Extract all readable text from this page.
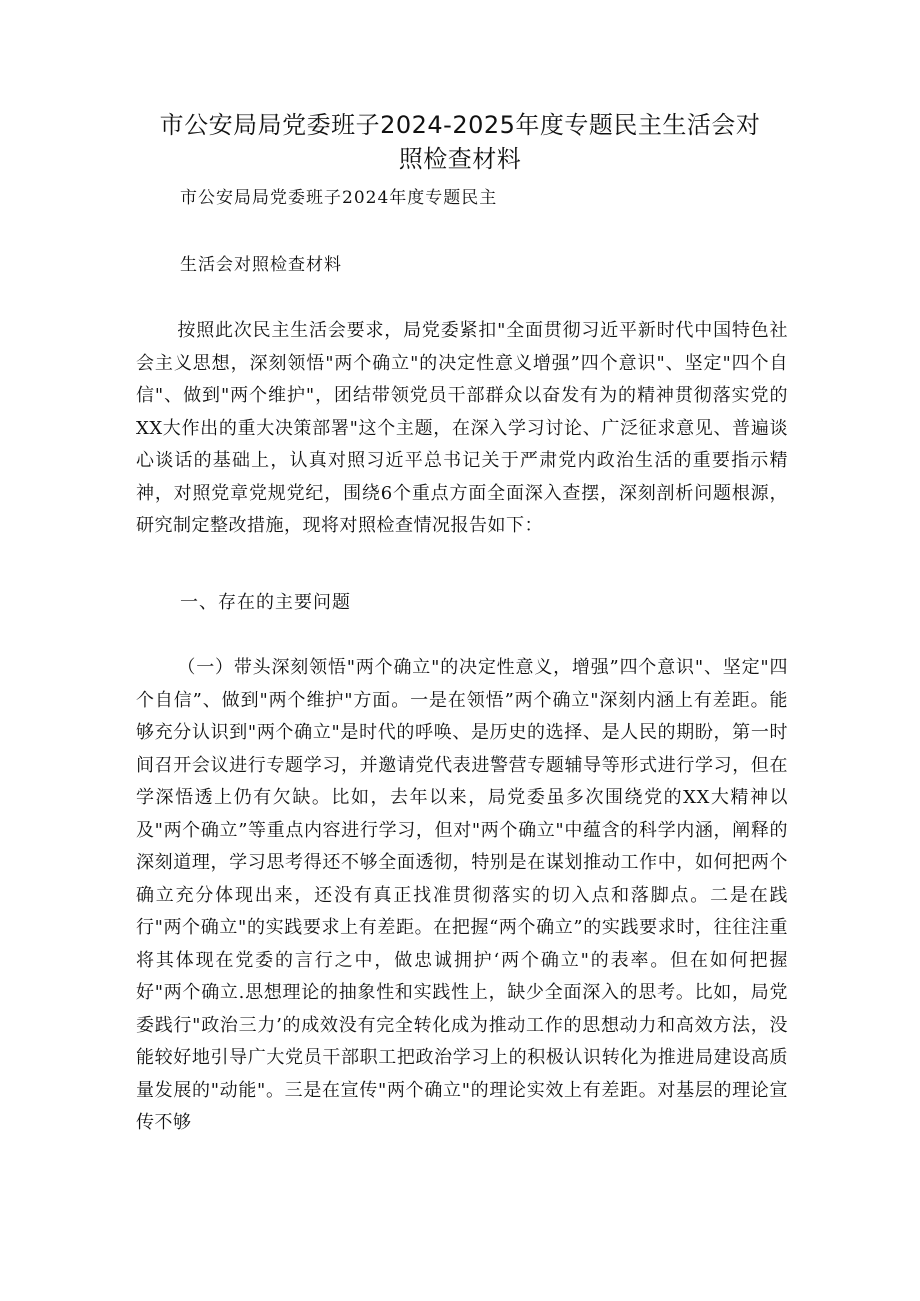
市公安局局党委班子2024-2025年度专题民主生活会对照检查材料
市公安局局党委班子2024年度专题民主
生活会对照检查材料
按照此次民主生活会要求，局党委紧扣"全面贯彻习近平新时代中国特色社会主义思想，深刻领悟"两个确立"的决定性意义增强”四个意识"、坚定"四个自信"、做到"两个维护"，团结带领党员干部群众以奋发有为的精神贯彻落实党的XX大作出的重大决策部署"这个主题，在深入学习讨论、广泛征求意见、普遍谈心谈话的基础上，认真对照习近平总书记关于严肃党内政治生活的重要指示精神，对照党章党规党纪，围绕6个重点方面全面深入查摆，深刻剖析问题根源，研究制定整改措施，现将对照检查情况报告如下：
一、存在的主要问题
（一）带头深刻领悟"两个确立"的决定性意义，增强”四个意识"、坚定"四个自信”、做到"两个维护"方面。一是在领悟”两个确立"深刻内涵上有差距。能够充分认识到"两个确立"是时代的呼唤、是历史的选择、是人民的期盼，第一时间召开会议进行专题学习，并邀请党代表进警营专题辅导等形式进行学习，但在学深悟透上仍有欠缺。比如，去年以来，局党委虽多次围绕党的XX大精神以及"两个确立”等重点内容进行学习，但对"两个确立"中蕴含的科学内涵，阐释的深刻道理，学习思考得还不够全面透彻，特别是在谋划推动工作中，如何把两个确立充分体现出来，还没有真正找准贯彻落实的切入点和落脚点。二是在践行"两个确立"的实践要求上有差距。在把握“两个确立”的实践要求时，往往注重将其体现在党委的言行之中，做忠诚拥护‘两个确立"的表率。但在如何把握好"两个确立.思想理论的抽象性和实践性上，缺少全面深入的思考。比如，局党委践行"政治三力’的成效没有完全转化成为推动工作的思想动力和高效方法，没能较好地引导广大党员干部职工把政治学习上的积极认识转化为推进局建设高质量发展的"动能"。三是在宣传"两个确立"的理论实效上有差距。对基层的理论宣传不够
